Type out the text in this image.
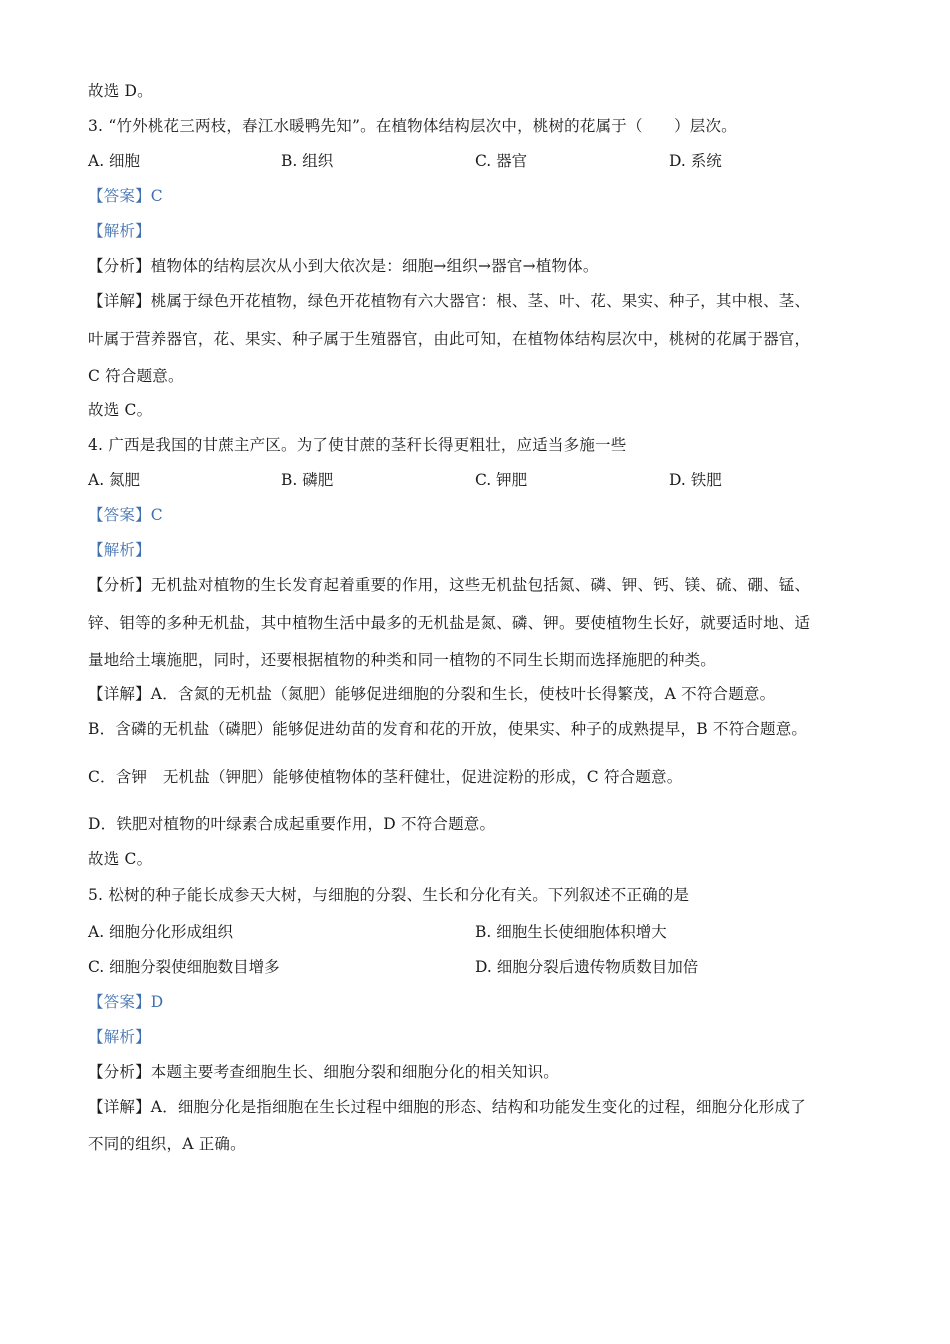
故选 D。
3. “竹外桃花三两枝，春江水暖鸭先知”。在植物体结构层次中，桃树的花属于（　　）层次。
A. 细胞	B. 组织	C. 器官	D. 系统
【答案】C
【解析】
【分析】植物体的结构层次从小到大依次是：细胞→组织→器官→植物体。
【详解】桃属于绿色开花植物，绿色开花植物有六大器官：根、茎、叶、花、果实、种子，其中根、茎、
叶属于营养器官，花、果实、种子属于生殖器官，由此可知，在植物体结构层次中，桃树的花属于器官，
C 符合题意。
故选 C。
4. 广西是我国的甘蔗主产区。为了使甘蔗的茎秆长得更粗壮，应适当多施一些
A. 氮肥	B. 磷肥	C. 钾肥	D. 铁肥
【答案】C
【解析】
【分析】无机盐对植物的生长发育起着重要的作用，这些无机盐包括氮、磷、钾、钙、镁、硫、硼、锰、
锌、钼等的多种无机盐，其中植物生活中最多的无机盐是氮、磷、钾。要使植物生长好，就要适时地、适
量地给土壤施肥，同时，还要根据植物的种类和同一植物的不同生长期而选择施肥的种类。
【详解】A．含氮的无机盐（氮肥）能够促进细胞的分裂和生长，使枝叶长得繁茂，A 不符合题意。
B．含磷的无机盐（磷肥）能够促进幼苗的发育和花的开放，使果实、种子的成熟提早，B 不符合题意。
C．含钾　无机盐（钾肥）能够使植物体的茎秆健壮，促进淀粉的形成，C 符合题意。
D．铁肥对植物的叶绿素合成起重要作用，D 不符合题意。
故选 C。
5. 松树的种子能长成参天大树，与细胞的分裂、生长和分化有关。下列叙述不正确的是
A. 细胞分化形成组织	B. 细胞生长使细胞体积增大
C. 细胞分裂使细胞数目增多	D. 细胞分裂后遗传物质数目加倍
【答案】D
【解析】
【分析】本题主要考查细胞生长、细胞分裂和细胞分化的相关知识。
【详解】A．细胞分化是指细胞在生长过程中细胞的形态、结构和功能发生变化的过程，细胞分化形成了
不同的组织，A 正确。
